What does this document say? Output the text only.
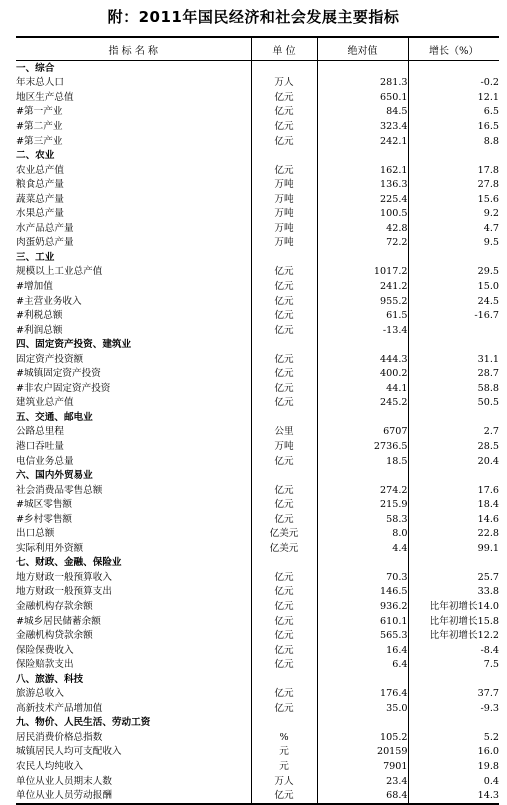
附：2011年国民经济和社会发展主要指标
指 标 名 称	单 位	绝对值	增长（%）
一、综合			
年末总人口	万人	281.3	-0.2
地区生产总值	亿元	650.1	12.1
#第一产业	亿元	84.5	6.5
#第二产业	亿元	323.4	16.5
#第三产业	亿元	242.1	8.8
二、农业			
农业总产值	亿元	162.1	17.8
粮食总产量	万吨	136.3	27.8
蔬菜总产量	万吨	225.4	15.6
水果总产量	万吨	100.5	9.2
水产品总产量	万吨	42.8	4.7
肉蛋奶总产量	万吨	72.2	9.5
三、工业			
规模以上工业总产值	亿元	1017.2	29.5
#增加值	亿元	241.2	15.0
#主营业务收入	亿元	955.2	24.5
#利税总额	亿元	61.5	-16.7
#利润总额	亿元	-13.4	
四、固定资产投资、建筑业			
固定资产投资额	亿元	444.3	31.1
#城镇固定资产投资	亿元	400.2	28.7
#非农户固定资产投资	亿元	44.1	58.8
建筑业总产值	亿元	245.2	50.5
五、交通、邮电业			
公路总里程	公里	6707	2.7
港口吞吐量	万吨	2736.5	28.5
电信业务总量	亿元	18.5	20.4
六、国内外贸易业			
社会消费品零售总额	亿元	274.2	17.6
#城区零售额	亿元	215.9	18.4
#乡村零售额	亿元	58.3	14.6
出口总额	亿美元	8.0	22.8
实际利用外资额	亿美元	4.4	99.1
七、财政、金融、保险业			
地方财政一般预算收入	亿元	70.3	25.7
地方财政一般预算支出	亿元	146.5	33.8
金融机构存款余额	亿元	936.2	比年初增长14.0
#城乡居民储蓄余额	亿元	610.1	比年初增长15.8
金融机构贷款余额	亿元	565.3	比年初增长12.2
保险保费收入	亿元	16.4	-8.4
保险赔款支出	亿元	6.4	7.5
八、旅游、科技			
旅游总收入	亿元	176.4	37.7
高新技术产品增加值	亿元	35.0	-9.3
九、物价、人民生活、劳动工资			
居民消费价格总指数	%	105.2	5.2
城镇居民人均可支配收入	元	20159	16.0
农民人均纯收入	元	7901	19.8
单位从业人员期末人数	万人	23.4	0.4
单位从业人员劳动报酬	亿元	68.4	14.3
